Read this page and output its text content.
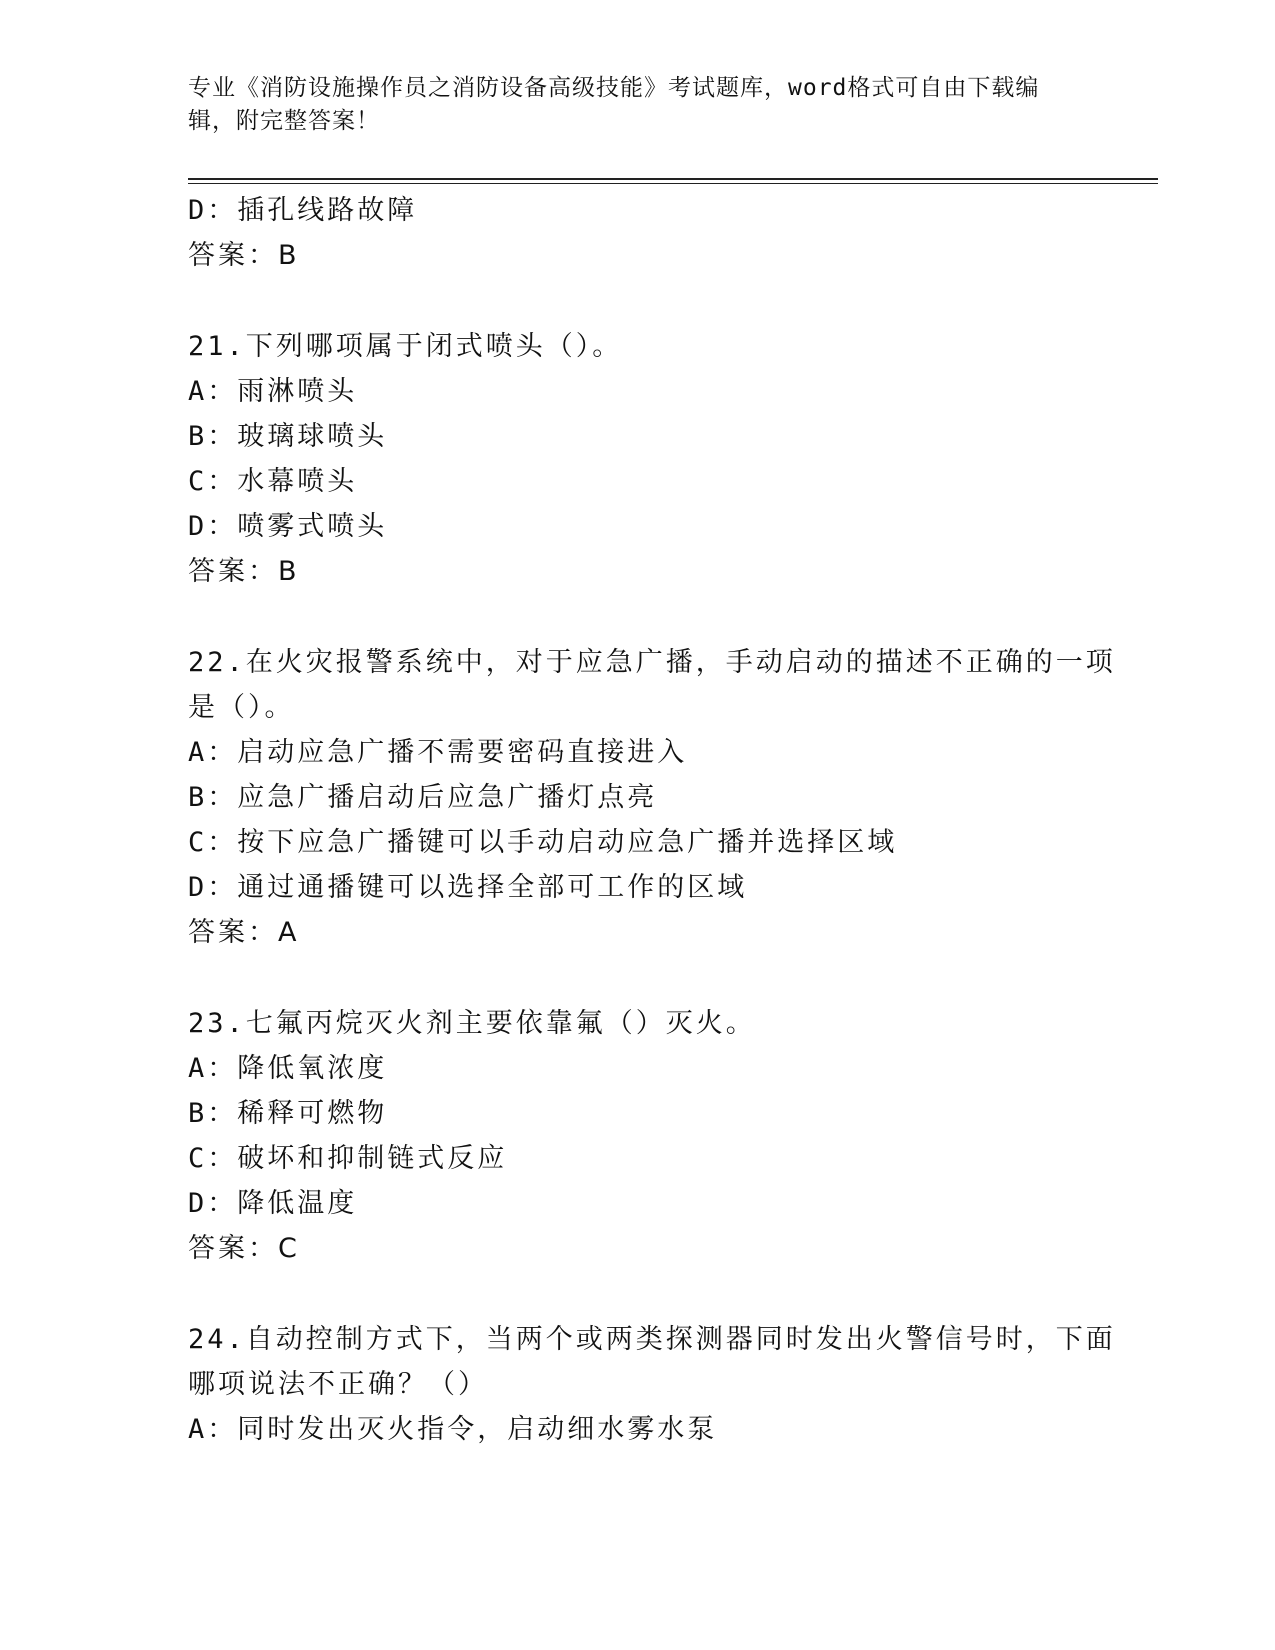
专业《消防设施操作员之消防设备高级技能》考试题库，word格式可自由下载编
辑，附完整答案！
D：插孔线路故障
答案：B
21.下列哪项属于闭式喷头（）。
A：雨淋喷头
B：玻璃球喷头
C：水幕喷头
D：喷雾式喷头
答案：B
22.在火灾报警系统中，对于应急广播，手动启动的描述不正确的一项
是（）。
A：启动应急广播不需要密码直接进入
B：应急广播启动后应急广播灯点亮
C：按下应急广播键可以手动启动应急广播并选择区域
D：通过通播键可以选择全部可工作的区域
答案：A
23.七氟丙烷灭火剂主要依靠氟（）灭火。
A：降低氧浓度
B：稀释可燃物
C：破坏和抑制链式反应
D：降低温度
答案：C
24.自动控制方式下，当两个或两类探测器同时发出火警信号时，下面
哪项说法不正确？（）
A：同时发出灭火指令，启动细水雾水泵
